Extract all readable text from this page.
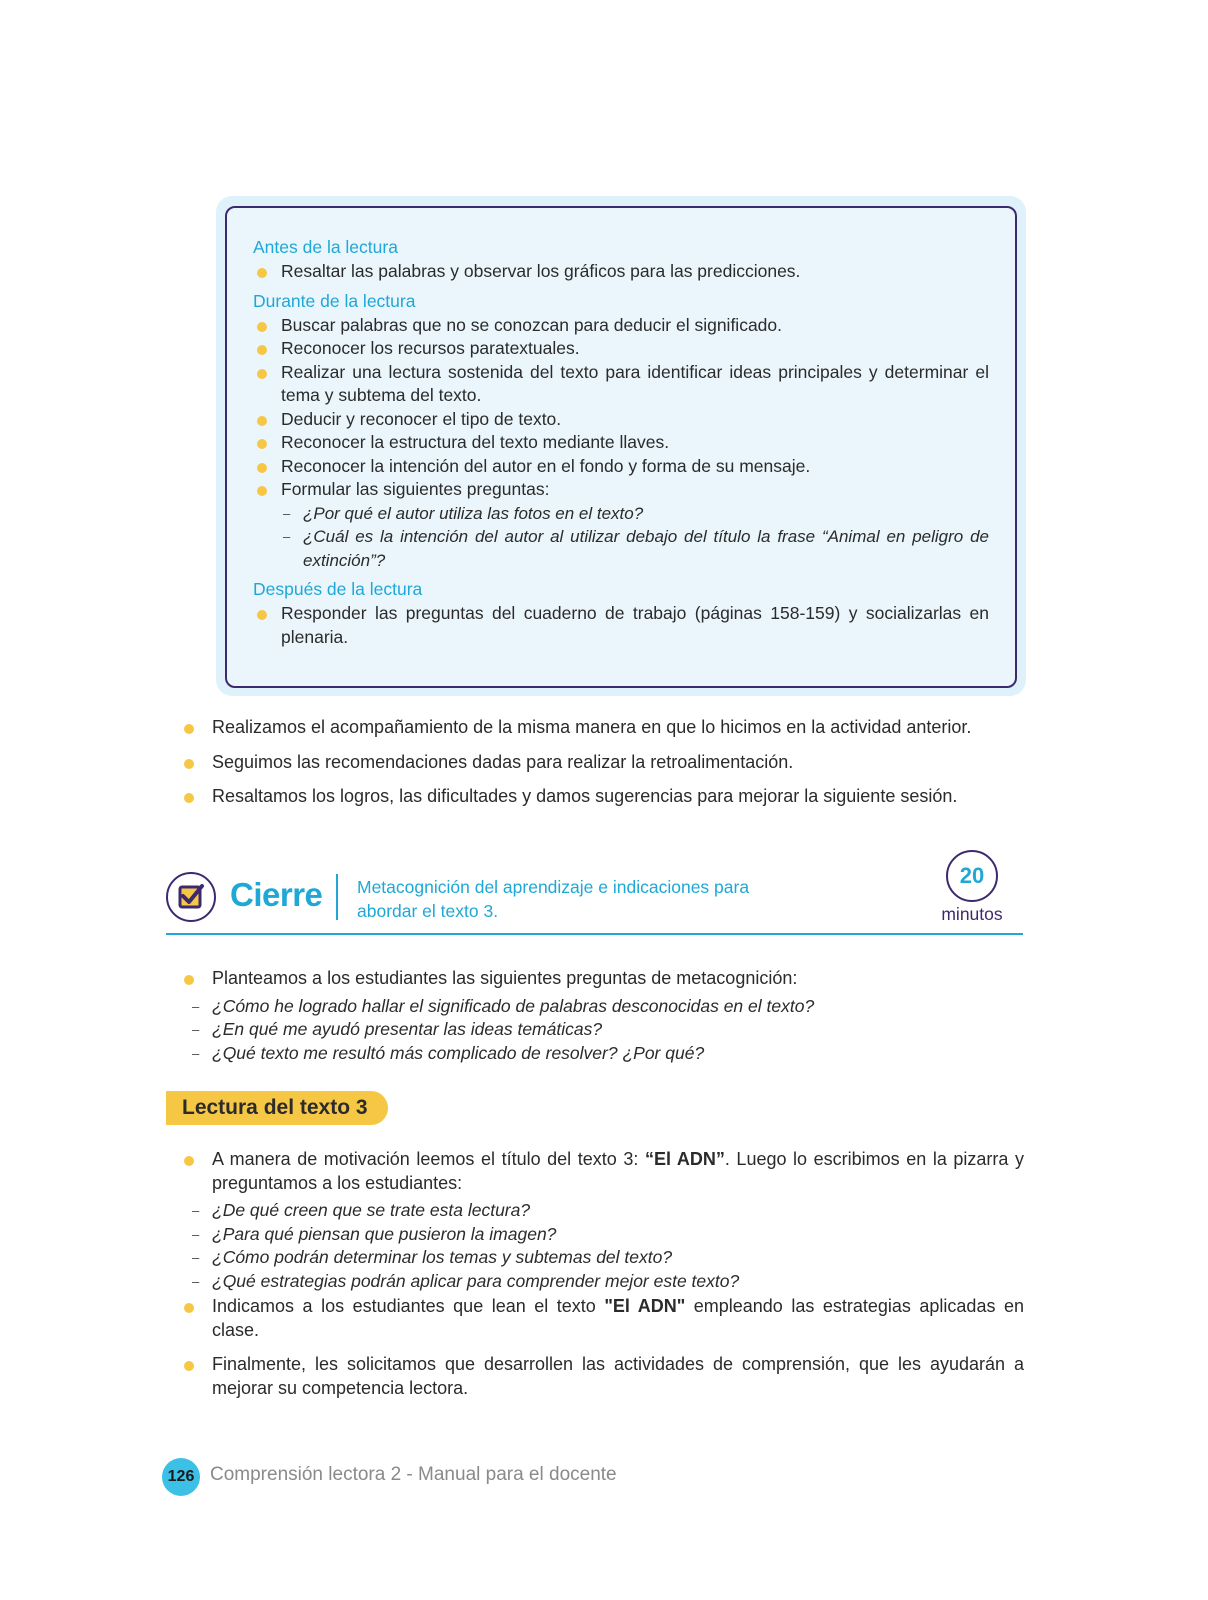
Antes de la lectura
Resaltar las palabras y observar los gráficos para las predicciones.
Durante de la lectura
Buscar palabras que no se conozcan para deducir el significado.
Reconocer los recursos paratextuales.
Realizar una lectura sostenida del texto para identificar ideas principales y determinar el tema y subtema del texto.
Deducir y reconocer el tipo de texto.
Reconocer la estructura del texto mediante llaves.
Reconocer la intención del autor en el fondo y forma de su mensaje.
Formular las siguientes preguntas:
– ¿Por qué el autor utiliza las fotos en el texto?
– ¿Cuál es la intención del autor al utilizar debajo del título la frase “Animal en peligro de extinción”?
Después de la lectura
Responder las preguntas del cuaderno de trabajo (páginas 158-159) y socializarlas en plenaria.
Realizamos el acompañamiento de la misma manera en que lo hicimos en la actividad anterior.
Seguimos las recomendaciones dadas para realizar la retroalimentación.
Resaltamos los logros, las dificultades y damos sugerencias para mejorar la siguiente sesión.
Cierre Metacognición del aprendizaje e indicaciones para abordar el texto 3.
20
minutos
Planteamos a los estudiantes las siguientes preguntas de metacognición:
– ¿Cómo he logrado hallar el significado de palabras desconocidas en el texto?
– ¿En qué me ayudó presentar las ideas temáticas?
– ¿Qué texto me resultó más complicado de resolver? ¿Por qué?
Lectura del texto 3
A manera de motivación leemos el título del texto 3: “El ADN”. Luego lo escribimos en la pizarra y preguntamos a los estudiantes:
– ¿De qué creen que se trate esta lectura?
– ¿Para qué piensan que pusieron la imagen?
– ¿Cómo podrán determinar los temas y subtemas del texto?
– ¿Qué estrategias podrán aplicar para comprender mejor este texto?
Indicamos a los estudiantes que lean el texto "El ADN" empleando las estrategias aplicadas en clase.
Finalmente, les solicitamos que desarrollen las actividades de comprensión, que les ayudarán a mejorar su competencia lectora.
126 Comprensión lectora 2 - Manual para el docente
